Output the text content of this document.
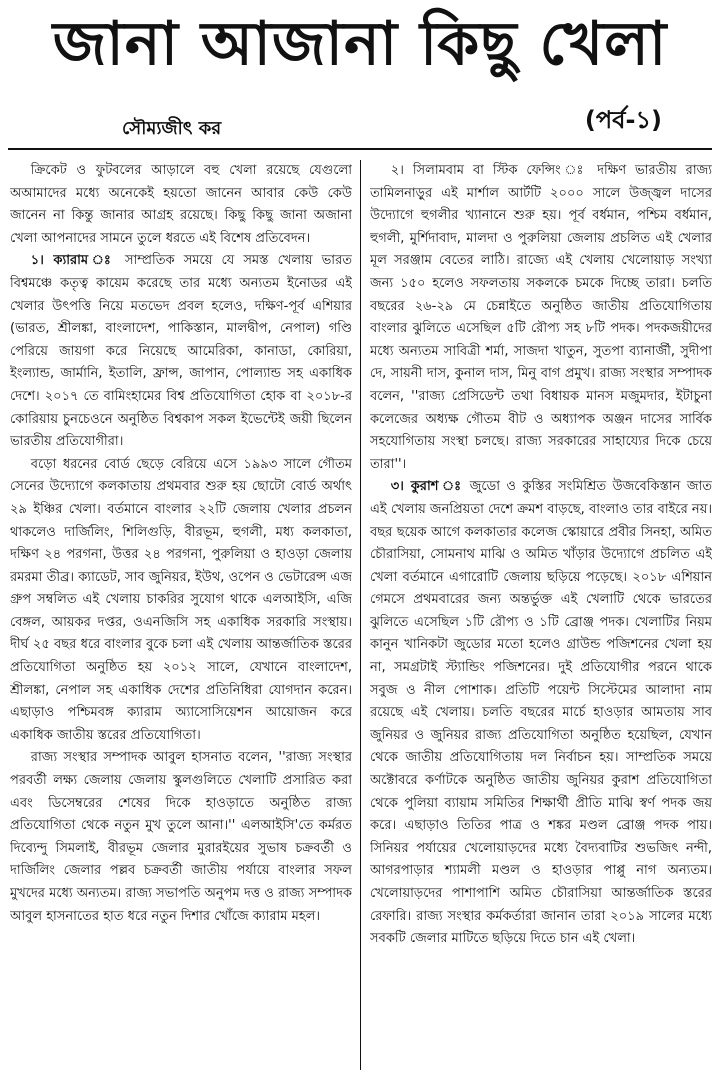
জানা আজানা কিছু খেলা
(পর্ব-১)
সৌম্যজীৎ কর

ক্রিকেট ও ফুটবলের আড়ালে বহু খেলা রয়েছে যেগুলো অআমাদের মধ্যে অনেকেই হয়তো জানেন আবার কেউ কেউ জানেন না কিন্তু জানার আগ্রহ রয়েছে। কিছু কিছু জানা অজানা খেলা আপনাদের সামনে তুলে ধরতে এই বিশেষ প্রতিবেদন।

১। ক্যারাম ঃ সাম্প্রতিক সময়ে যে সমস্ত খেলায় ভারত বিশ্বমঞ্চে কতৃত্ব কায়েম করেছে তার মধ্যে অন্যতম ইনোডর এই খেলার উৎপত্তি নিয়ে মতভেদ প্রবল হলেও, দক্ষিণ-পূর্ব এশিয়ার (ভারত, শ্রীলঙ্কা, বাংলাদেশ, পাকিস্তান, মালদ্বীপ, নেপাল) গণ্ডি পেরিয়ে জায়গা করে নিয়েছে আমেরিকা, কানাডা, কোরিয়া, ইংল্যান্ড, জার্মানি, ইতালি, ফ্রান্স, জাপান, পোল্যান্ড সহ একাধিক দেশে। ২০১৭ তে বামিংহামের বিশ্ব প্রতিযোগিতা হোক বা ২০১৮-র কোরিয়ায় চুনচেওনে অনুষ্ঠিত বিশ্বকাপ সকল ইভেন্টেই জয়ী ছিলেন ভারতীয় প্রতিযোগীরা।

বড়ো ধরনের বোর্ড ছেড়ে বেরিয়ে এসে ১৯৯৩ সালে গৌতম সেনের উদ্যোগে কলকাতায় প্রথমবার শুরু হয় ছোটো বোর্ড অর্থাৎ ২৯ ইঞ্চির খেলা। বর্তমানে বাংলার ২২টি জেলায় খেলার প্রচলন থাকলেও দার্জিলিং, শিলিগুড়ি, বীরভূম, হুগলী, মধ্য কলকাতা, দক্ষিণ ২৪ পরগনা, উত্তর ২৪ পরগনা, পুরুলিয়া ও হাওড়া জেলায় রমরমা তীব্র। ক্যাডেট, সাব জুনিয়র, ইউথ, ওপেন ও ভেটারেন্স এজ গ্রুপ সম্বলিত এই খেলায় চাকরির সুযোগ থাকে এলআইসি, এজি বেঙ্গল, আয়কর দপ্তর, ওএনজিসি সহ একাধিক সরকারি সংস্থায়। দীর্ঘ ২৫ বছর ধরে বাংলার বুকে চলা এই খেলায় আন্তর্জাতিক স্তরের প্রতিযোগিতা অনুষ্ঠিত হয় ২০১২ সালে, যেখানে বাংলাদেশ, শ্রীলঙ্কা, নেপাল সহ একাধিক দেশের প্রতিনিধিরা যোগদান করেন। এছাড়াও পশ্চিমবঙ্গ ক্যারাম অ্যাসোসিয়েশন আয়োজন করে একাধিক জাতীয় স্তরের প্রতিযোগিতা।

রাজ্য সংস্থার সম্পাদক আবুল হাসনাত বলেন, ''রাজ্য সংস্থার পরবর্তী লক্ষ্য জেলায় জেলায় স্কুলগুলিতে খেলাটি প্রসারিত করা এবং ডিসেম্বরের শেষের দিকে হাওড়াতে অনুষ্ঠিত রাজ্য প্রতিযোগিতা থেকে নতুন মুখ তুলে আনা।'' এলআইসি'তে কর্মরত দিব্যেন্দু সিমলাই, বীরভূম জেলার মুরারইয়ের সুভাষ চক্রবর্তী ও দার্জিলিং জেলার পল্লব চক্রবর্তী জাতীয় পর্যায়ে বাংলার সফল মুখদের মধ্যে অন্যতম। রাজ্য সভাপতি অনুপম দত্ত ও রাজ্য সম্পাদক আবুল হাসনাতের হাত ধরে নতুন দিশার খোঁজে ক্যারাম মহল।

২। সিলামবাম বা স্টিক ফেন্সিং ঃ দক্ষিণ ভারতীয় রাজ্য তামিলনাড়ুর এই মার্শাল আর্টটি ২০০০ সালে উজ্জ্বল দাসের উদ্যোগে হুগলীর খ্যানানে শুরু হয়। পূর্ব বর্ধমান, পশ্চিম বর্ধমান, হুগলী, মুর্শিদাবাদ, মালদা ও পুরুলিয়া জেলায় প্রচলিত এই খেলার মূল সরঞ্জাম বেতের লাঠি। রাজ্যে এই খেলায় খেলোয়াড় সংখ্যা জন্য ১৫০ হলেও সফলতায় সকলকে চমকে দিচ্ছে তারা। চলতি বছরের ২৬-২৯ মে চেন্নাইতে অনুষ্ঠিত জাতীয় প্রতিযোগিতায় বাংলার ঝুলিতে এসেছিল ৫টি রৌপ্য সহ ৮টি পদক। পদকজয়ীদের মধ্যে অন্যতম সাবিত্রী শর্মা, সাজদা খাতুন, সুতপা ব্যানার্জী, সুদীপা দে, সায়নী দাস, কুনাল দাস, মিনু বাগ প্রমুখ। রাজ্য সংস্থার সম্পাদক বলেন, ''রাজ্য প্রেসিডেন্ট তথা বিধায়ক মানস মজুমদার, ইটাচুনা কলেজের অধ্যক্ষ গৌতম বীট ও অধ্যাপক অঞ্জন দাসের সার্বিক সহযোগিতায় সংস্থা চলছে। রাজ্য সরকারের সাহায্যের দিকে চেয়ে তারা''।

৩। কুরাশ ঃ জুডো ও কুস্তির সংমিশ্রিত উজবেকিস্তান জাত এই খেলায় জনপ্রিয়তা দেশে ক্রমশ বাড়ছে, বাংলাও তার বাইরে নয়। বছর ছয়েক আগে কলকাতার কলেজ স্কোয়ারে প্রবীর সিনহা, অমিত চৌরাসিয়া, সোমনাথ মাঝি ও অমিত খাঁড়ার উদ্যোগে প্রচলিত এই খেলা বর্তমানে এগারোটি জেলায় ছড়িয়ে পড়েছে। ২০১৮ এশিয়ান গেমসে প্রথমবারের জন্য অন্তর্ভুক্ত এই খেলাটি থেকে ভারতের ঝুলিতে এসেছিল ১টি রৌপ্য ও ১টি ব্রোঞ্জ পদক। খেলাটির নিয়ম কানুন খানিকটা জুডোর মতো হলেও গ্রাউন্ড পজিশনের খেলা হয় না, সমগ্রটাই স্ট্যান্ডিং পজিশনের। দুই প্রতিযোগীর পরনে থাকে সবুজ ও নীল পোশাক। প্রতিটি পয়েন্ট সিস্টেমের আলাদা নাম রয়েছে এই খেলায়। চলতি বছরের মার্চে হাওড়ার আমতায় সাব জুনিয়র ও জুনিয়র রাজ্য প্রতিযোগিতা অনুষ্ঠিত হয়েছিল, যেখান থেকে জাতীয় প্রতিযোগিতায় দল নির্বাচন হয়। সাম্প্রতিক সময়ে অক্টোবরে কর্ণাটকে অনুষ্ঠিত জাতীয় জুনিয়র কুরাশ প্রতিযোগিতা থেকে পুলিয়া ব্যায়াম সমিতির শিক্ষার্থী প্রীতি মাঝি স্বর্ণ পদক জয় করে। এছাড়াও তিতির পাত্র ও শঙ্কর মণ্ডল ব্রোঞ্জ পদক পায়। সিনিয়র পর্যায়ের খেলোয়াড়দের মধ্যে বৈদ্যবাটির শুভজিৎ নন্দী, আগরপাড়ার শ্যামলী মণ্ডল ও হাওড়ার পাপ্পু নাগ অন্যতম। খেলোয়াড়দের পাশাপাশি অমিত চৌরাসিয়া আন্তর্জাতিক স্তরের রেফারি। রাজ্য সংস্থার কর্মকর্তারা জানান তারা ২০১৯ সালের মধ্যে সবকটি জেলার মাটিতে ছড়িয়ে দিতে চান এই খেলা।
